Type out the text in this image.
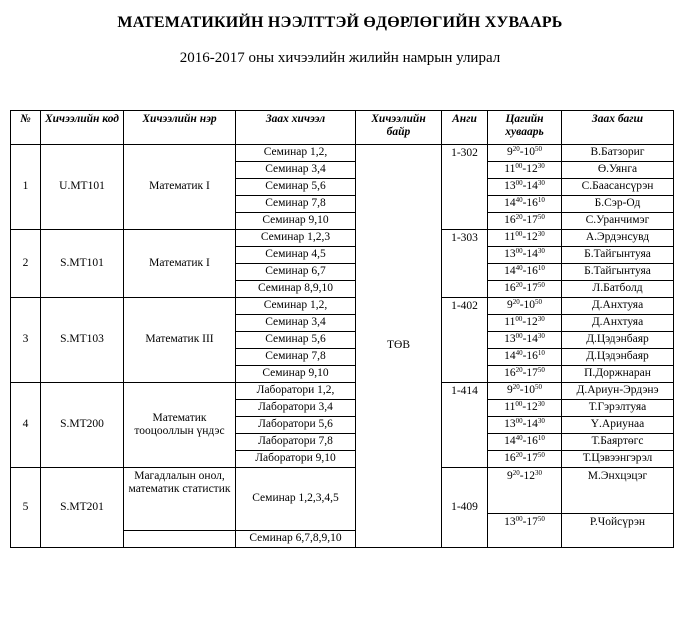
МАТЕМАТИКИЙН НЭЭЛТТЭЙ ӨДӨРЛӨГИЙН ХУВААРЬ
2016-2017 оны хичээлийн жилийн намрын улирал
№	Хичээлийн код	Хичээлийн нэр	Заах хичээл	Хичээлийн байр	Анги	Цагийн хуваарь	Заах багш
1	U.MT101	Математик I	Семинар 1,2,	ТӨВ	1-302	$9^{20}-10^{50}$	В.Батзориг
			Семинар 3,4			$11^{00}-12^{30}$	Ө.Уянга
			Семинар 5,6			$13^{00}-14^{30}$	С.Баасансүрэн
			Семинар 7,8			$14^{40}-16^{10}$	Б.Сэр-Од
			Семинар 9,10			$16^{20}-17^{50}$	С.Уранчимэг
2	S.MT101	Математик I	Семинар 1,2,3		1-303	$11^{00}-12^{30}$	А.Эрдэнсувд
			Семинар 4,5			$13^{00}-14^{30}$	Б.Тайгынтуяа
			Семинар 6,7			$14^{40}-16^{10}$	Б.Тайгынтуяа
			Семинар 8,9,10			$16^{20}-17^{50}$	Л.Батболд
3	S.MT103	Математик III	Семинар 1,2,		1-402	$9^{20}-10^{50}$	Д.Анхтуяа
			Семинар 3,4			$11^{00}-12^{30}$	Д.Анхтуяа
			Семинар 5,6			$13^{00}-14^{30}$	Д.Цэдэнбаяр
			Семинар 7,8			$14^{40}-16^{10}$	Д.Цэдэнбаяр
			Семинар 9,10			$16^{20}-17^{50}$	П.Доржнаран
4	S.MT200	Математик тооцооллын үндэс	Лаборатори 1,2,		1-414	$9^{20}-10^{50}$	Д.Ариун-Эрдэнэ
			Лаборатори 3,4			$11^{00}-12^{30}$	Т.Гэрэлтуяа
			Лаборатори 5,6			$13^{00}-14^{30}$	Ү.Ариунаа
			Лаборатори 7,8			$14^{40}-16^{10}$	Т.Баяртөгс
			Лаборатори 9,10			$16^{20}-17^{50}$	Т.Цэвээнгэрэл
5	S.MT201	Магадлалын онол, математик статистик	Семинар 1,2,3,4,5		1-409	$9^{20}-12^{30}$	М.Энхцэцэг
						$13^{00}-17^{50}$	Р.Чойсүрэн
			Семинар 6,7,8,9,10				
